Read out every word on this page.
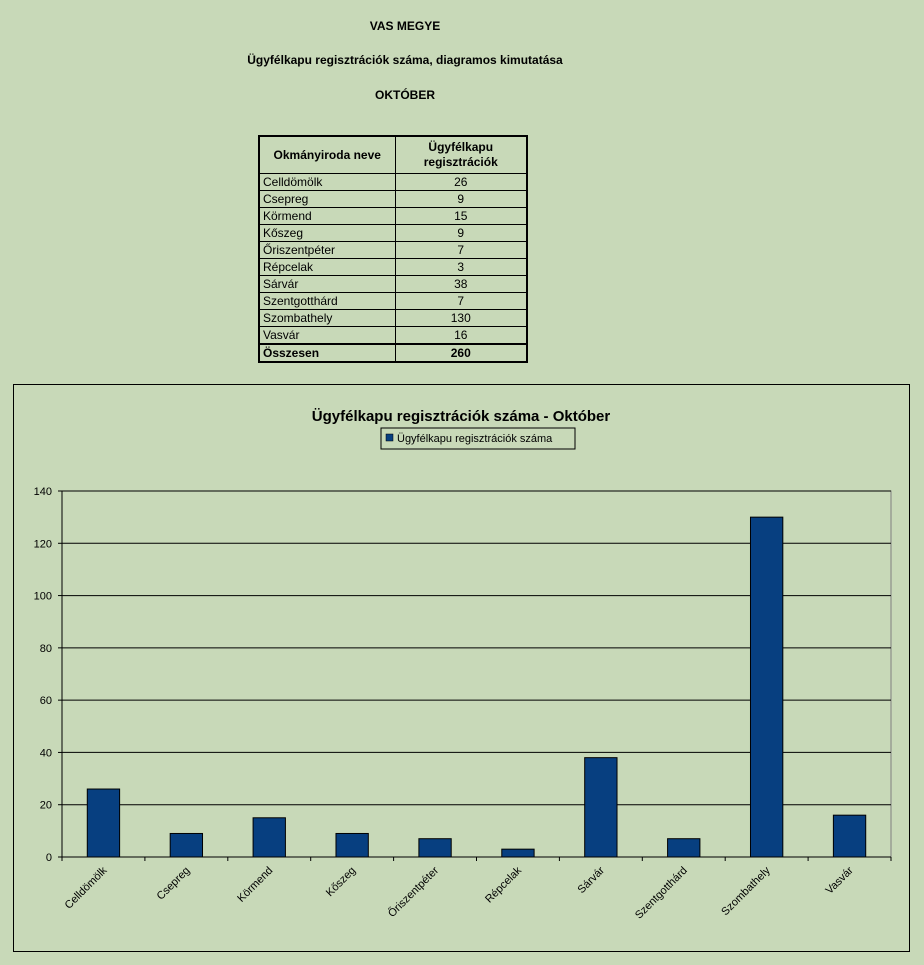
VAS MEGYE
Ügyfélkapu regisztrációk száma, diagramos kimutatása
OKTÓBER
Okmányiroda neve	Ügyfélkapu regisztrációk
Celldömölk	26
Csepreg	9
Körmend	15
Kőszeg	9
Őriszentpéter	7
Répcelak	3
Sárvár	38
Szentgotthárd	7
Szombathely	130
Vasvár	16
Összesen	260
Ügyfélkapu regisztrációk száma - Október
Ügyfélkapu regisztrációk száma
0
20
40
60
80
100
120
140
Celldömölk	Csepreg	Körmend	Kőszeg	Őriszentpéter	Répcelak	Sárvár Szentgotthárd	Szombathely	Vasvár
